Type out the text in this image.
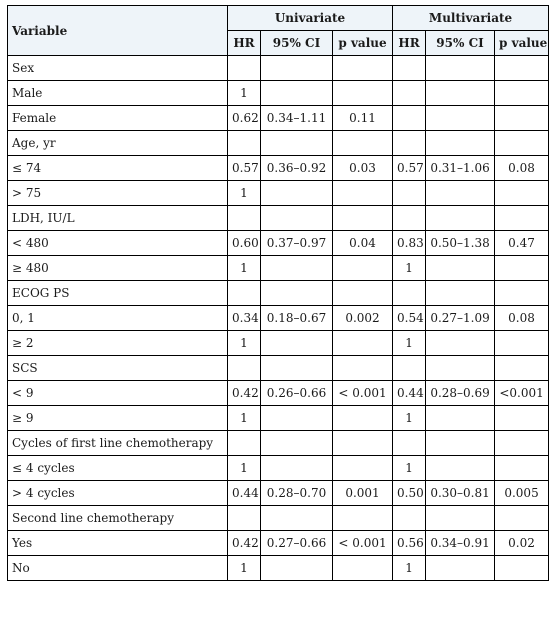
Variable	Univariate			Multivariate		
	HR	95% CI	p value	HR	95% CI	p value
Sex						
Male	1					
Female	0.62	0.34–1.11	0.11			
Age, yr						
≤ 74	0.57	0.36–0.92	0.03	0.57	0.31–1.06	0.08
> 75	1					
LDH, IU/L						
< 480	0.60	0.37–0.97	0.04	0.83	0.50–1.38	0.47
≥ 480	1			1		
ECOG PS						
0, 1	0.34	0.18–0.67	0.002	0.54	0.27–1.09	0.08
≥ 2	1			1		
SCS						
< 9	0.42	0.26–0.66	< 0.001	0.44	0.28–0.69	<0.001
≥ 9	1			1		
Cycles of first line chemotherapy						
≤ 4 cycles	1			1		
> 4 cycles	0.44	0.28–0.70	0.001	0.50	0.30–0.81	0.005
Second line chemotherapy						
Yes	0.42	0.27–0.66	< 0.001	0.56	0.34–0.91	0.02
No	1			1		
